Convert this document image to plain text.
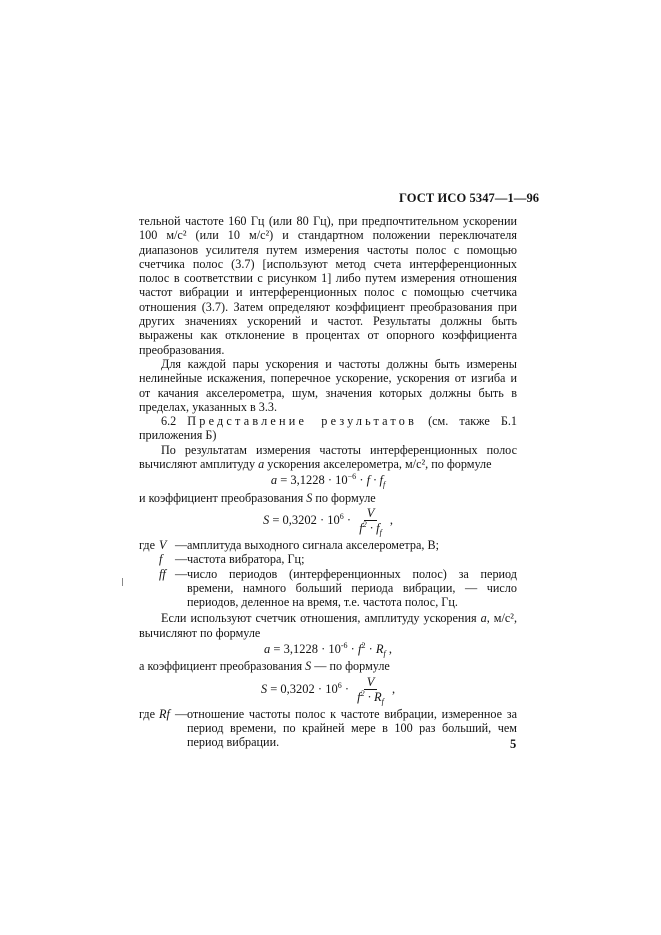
ГОСТ ИСО 5347—1—96

тельной частоте 160 Гц (или 80 Гц), при предпочтительном ускорении 100 м/с² (или 10 м/с²) и стандартном положении переключателя диапазонов усилителя путем измерения частоты полос с помощью счетчика полос (3.7) [используют метод счета интерференционных полос в соответствии с рисунком 1] либо путем измерения отношения частот вибрации и интерференционных полос с помощью счетчика отношения (3.7). Затем определяют коэффициент преобразования при других значениях ускорений и частот. Результаты должны быть выражены как отклонение в процентах от опорного коэффициента преобразования.

Для каждой пары ускорения и частоты должны быть измерены нелинейные искажения, поперечное ускорение, ускорения от изгиба и от качания акселерометра, шум, значения которых должны быть в пределах, указанных в 3.3.

6.2 Представление результатов (см. также Б.1 приложения Б)

По результатам измерения частоты интерференционных полос вычисляют амплитуду a ускорения акселерометра, м/с², по формуле

$a = 3,1228 \cdot 10^{-6} \cdot f \cdot f_f$

и коэффициент преобразования S по формуле

$S = 0,3202 \cdot 10^6 \cdot \frac{V}{f^2 \cdot f_f}$ ,
где V — амплитуда выходного сигнала акселерометра, В;
f	— частота вибратора, Гц;
ff — число периодов (интерференционных полос) за период времени, намного больший периода вибрации, — число периодов, деленное на время, т.е. частота полос, Гц.

Если используют счетчик отношения, амплитуду ускорения a, м/с², вычисляют по формуле

$a = 3,1228 \cdot 10^{-6} \cdot f^2 \cdot R_f$ ,

а коэффициент преобразования S — по формуле

$S = 0,3202 \cdot 10^6 \cdot \frac{V}{f^2 \cdot R_f}$ ,
где Rf — отношение частоты полос к частоте вибрации, измеренное за период времени, по крайней мере в 100 раз больший, чем период вибрации.	5
